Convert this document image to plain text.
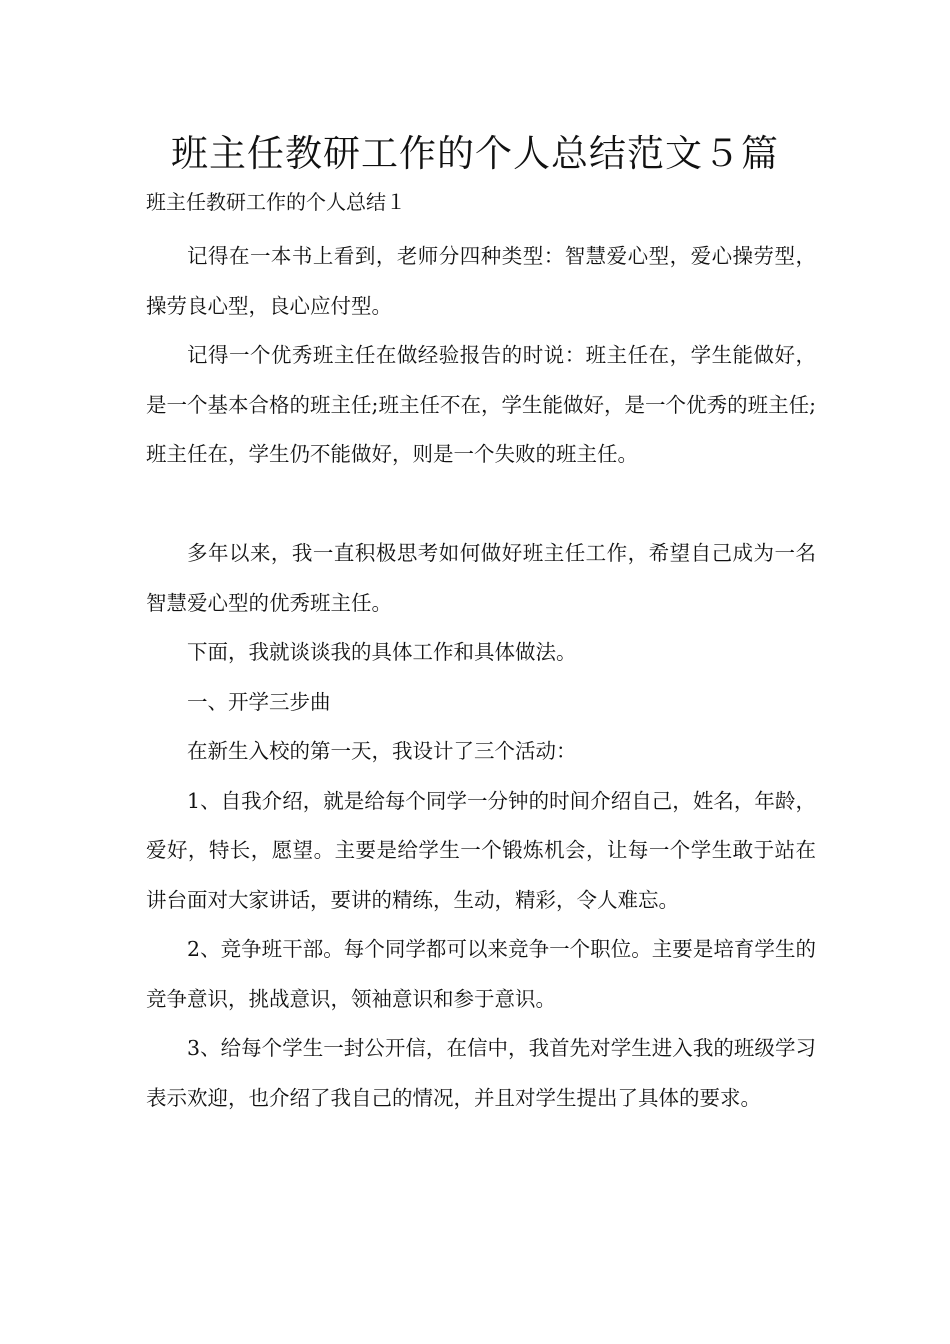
班主任教研工作的个人总结范文５篇
班主任教研工作的个人总结１

记得在一本书上看到，老师分四种类型：智慧爱心型，爱心操劳型，操劳良心型，良心应付型。

记得一个优秀班主任在做经验报告的时说：班主任在，学生能做好，是一个基本合格的班主任;班主任不在，学生能做好，是一个优秀的班主任;班主任在，学生仍不能做好，则是一个失败的班主任。

多年以来，我一直积极思考如何做好班主任工作，希望自己成为一名智慧爱心型的优秀班主任。

下面，我就谈谈我的具体工作和具体做法。

一、开学三步曲

在新生入校的第一天，我设计了三个活动：

1、自我介绍，就是给每个同学一分钟的时间介绍自己，姓名，年龄，爱好，特长，愿望。主要是给学生一个锻炼机会，让每一个学生敢于站在讲台面对大家讲话，要讲的精练，生动，精彩，令人难忘。

2、竞争班干部。每个同学都可以来竞争一个职位。主要是培育学生的竞争意识，挑战意识，领袖意识和参于意识。

3、给每个学生一封公开信，在信中，我首先对学生进入我的班级学习表示欢迎，也介绍了我自己的情况，并且对学生提出了具体的要求。
